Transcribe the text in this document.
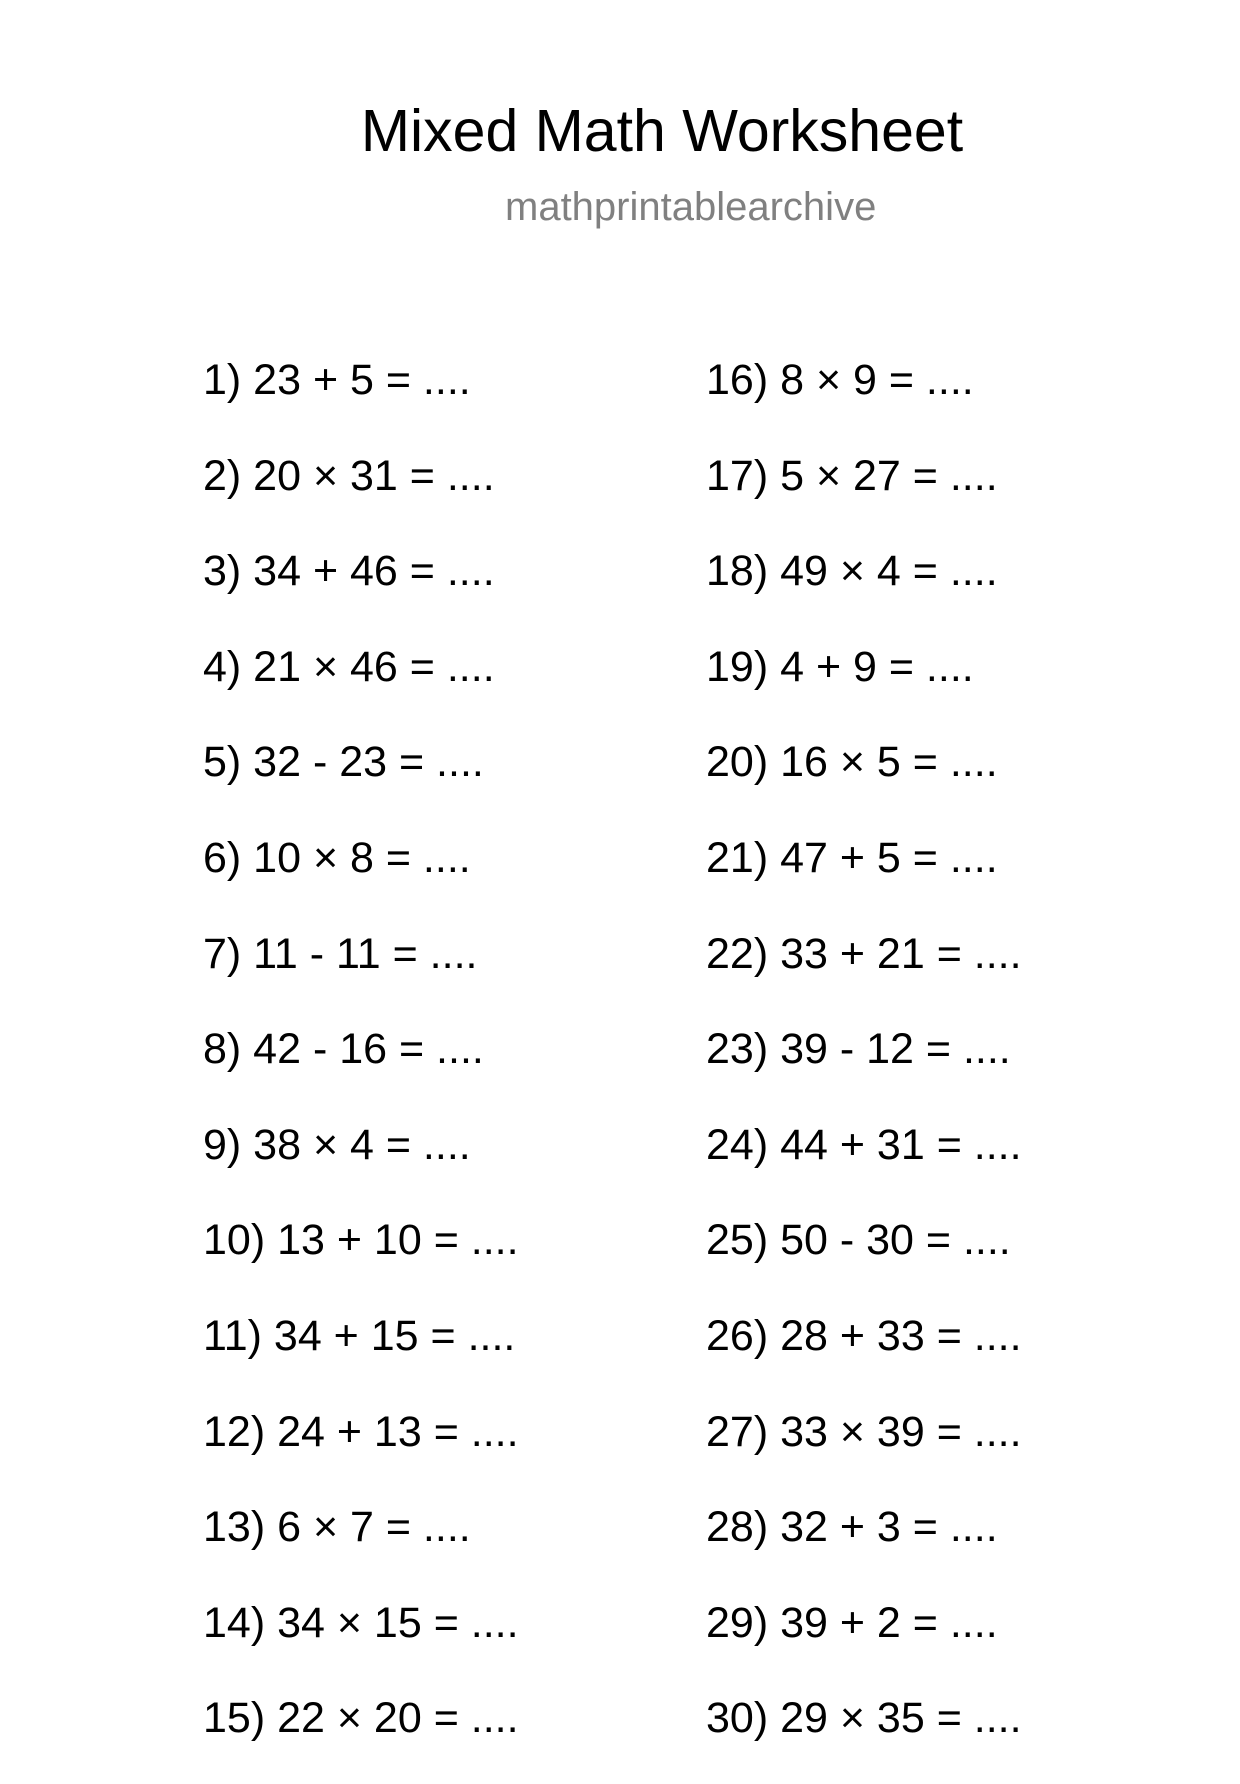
Mixed Math Worksheet
mathprintablearchive
1) 23 + 5 = ....
2) 20 × 31 = ....
3) 34 + 46 = ....
4) 21 × 46 = ....
5) 32 - 23 = ....
6) 10 × 8 = ....
7) 11 - 11 = ....
8) 42 - 16 = ....
9) 38 × 4 = ....
10) 13 + 10 = ....
11) 34 + 15 = ....
12) 24 + 13 = ....
13) 6 × 7 = ....
14) 34 × 15 = ....
15) 22 × 20 = ....
16) 8 × 9 = ....
17) 5 × 27 = ....
18) 49 × 4 = ....
19) 4 + 9 = ....
20) 16 × 5 = ....
21) 47 + 5 = ....
22) 33 + 21 = ....
23) 39 - 12 = ....
24) 44 + 31 = ....
25) 50 - 30 = ....
26) 28 + 33 = ....
27) 33 × 39 = ....
28) 32 + 3 = ....
29) 39 + 2 = ....
30) 29 × 35 = ....
